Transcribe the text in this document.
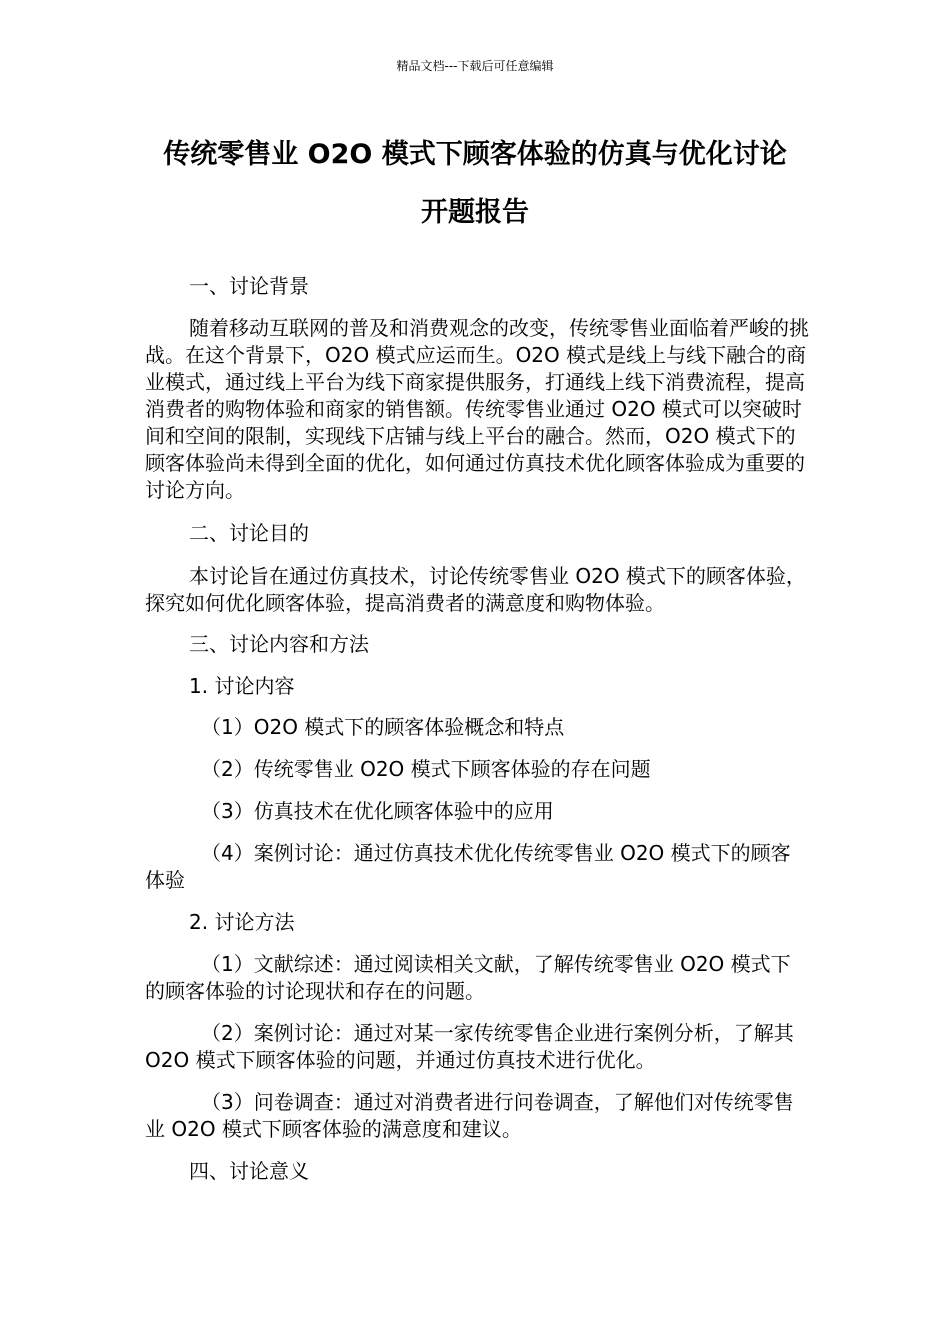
精品文档---下载后可任意编辑
传统零售业 O2O 模式下顾客体验的仿真与优化讨论
开题报告

一、讨论背景

随着移动互联网的普及和消费观念的改变，传统零售业面临着严峻的挑战。在这个背景下，O2O 模式应运而生。O2O 模式是线上与线下融合的商业模式，通过线上平台为线下商家提供服务，打通线上线下消费流程，提高消费者的购物体验和商家的销售额。传统零售业通过 O2O 模式可以突破时间和空间的限制，实现线下店铺与线上平台的融合。然而，O2O 模式下的顾客体验尚未得到全面的优化，如何通过仿真技术优化顾客体验成为重要的讨论方向。

二、讨论目的

本讨论旨在通过仿真技术，讨论传统零售业 O2O 模式下的顾客体验，探究如何优化顾客体验，提高消费者的满意度和购物体验。

三、讨论内容和方法

1. 讨论内容

（1）O2O 模式下的顾客体验概念和特点

（2）传统零售业 O2O 模式下顾客体验的存在问题

（3）仿真技术在优化顾客体验中的应用

（4）案例讨论：通过仿真技术优化传统零售业 O2O 模式下的顾客体验

2. 讨论方法

（1）文献综述：通过阅读相关文献，了解传统零售业 O2O 模式下的顾客体验的讨论现状和存在的问题。

（2）案例讨论：通过对某一家传统零售企业进行案例分析，了解其 O2O 模式下顾客体验的问题，并通过仿真技术进行优化。

（3）问卷调查：通过对消费者进行问卷调查，了解他们对传统零售业 O2O 模式下顾客体验的满意度和建议。

四、讨论意义
